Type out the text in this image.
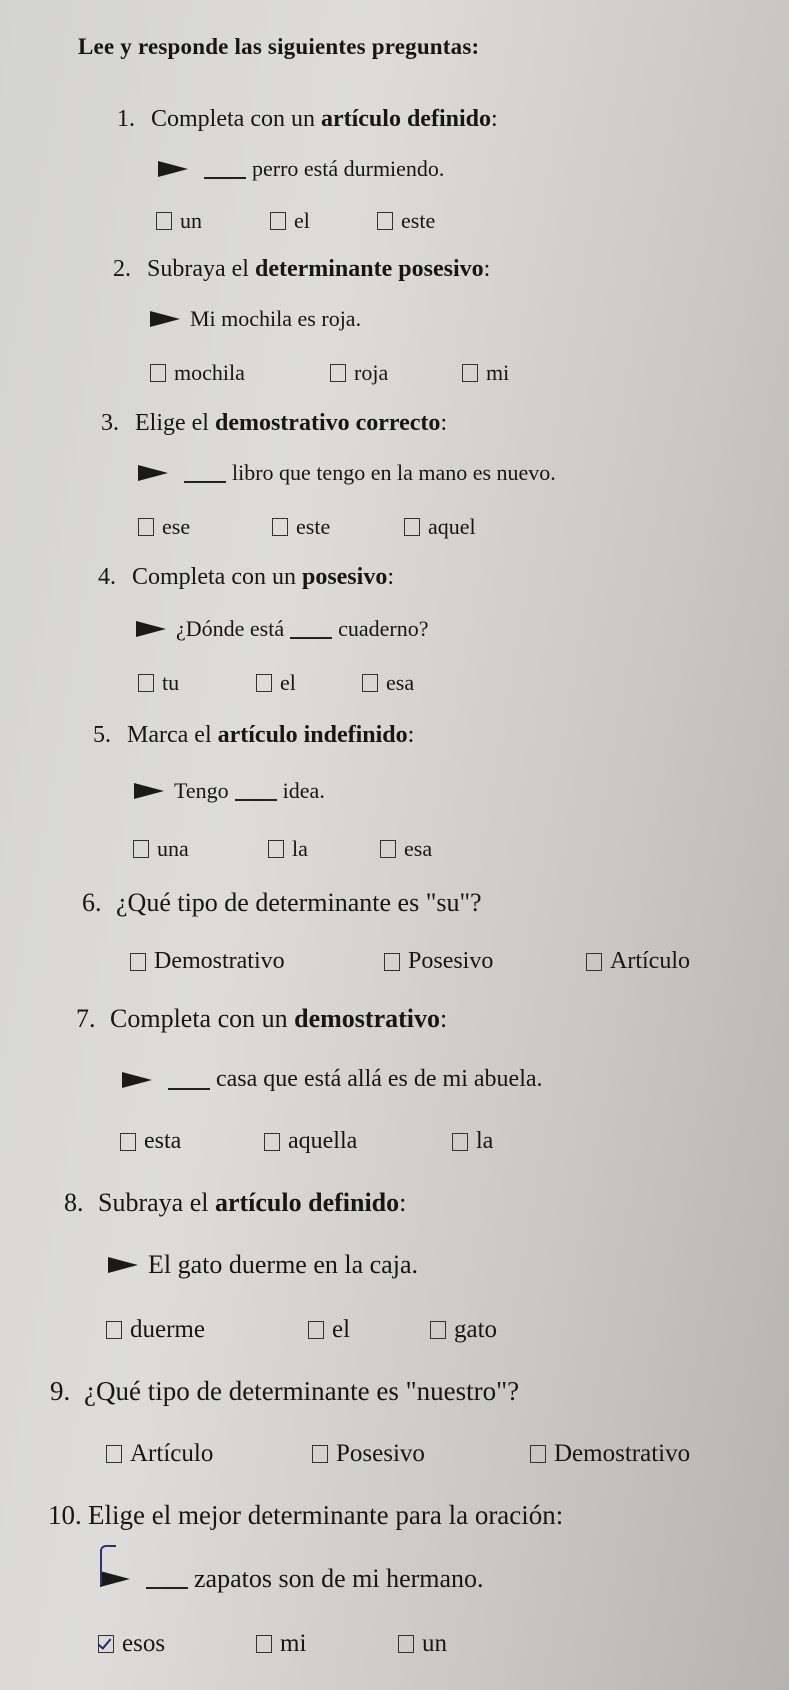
Lee y responde las siguientes preguntas:
1. Completa con un artículo definido:
perro está durmiendo.
un	el	este
2. Subraya el determinante posesivo:
Mi mochila es roja.
mochila	roja	mi
3. Elige el demostrativo correcto:
libro que tengo en la mano es nuevo.
ese	este	aquel
4. Completa con un posesivo:
¿Dónde está cuaderno?
tu	el	esa
5. Marca el artículo indefinido:
Tengo idea.
una	la	esa
6. ¿Qué tipo de determinante es "su"?
Demostrativo	Posesivo	Artículo
7. Completa con un demostrativo:
casa que está allá es de mi abuela.
esta	aquella	la
8. Subraya el artículo definido:
El gato duerme en la caja.
duerme	el	gato
9. ¿Qué tipo de determinante es "nuestro"?
Artículo	Posesivo	Demostrativo
10. Elige el mejor determinante para la oración:
zapatos son de mi hermano.
esos	mi	un
